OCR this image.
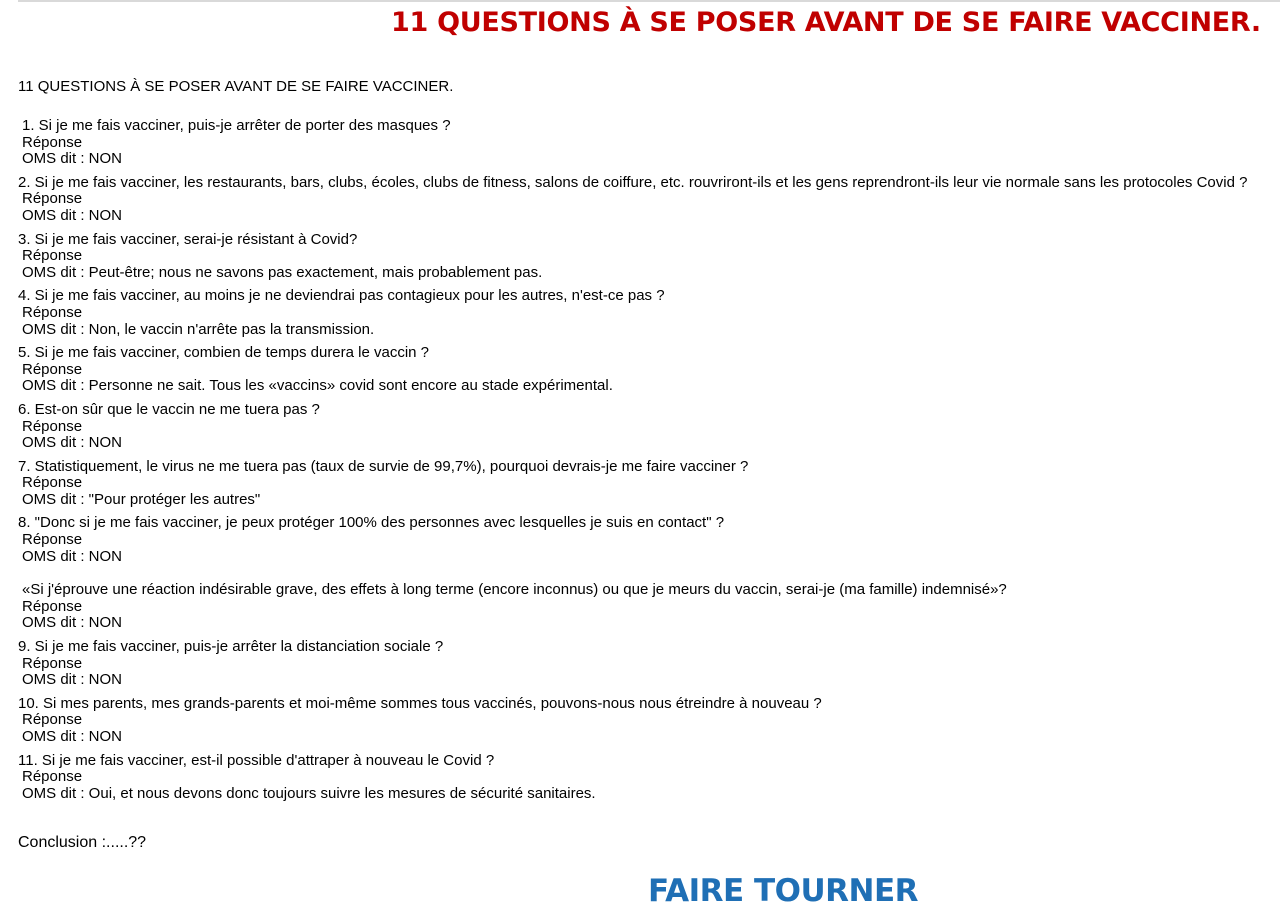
11 QUESTIONS À SE POSER AVANT DE SE FAIRE VACCINER.
11 QUESTIONS À SE POSER AVANT DE SE FAIRE VACCINER.
1. Si je me fais vacciner, puis-je arrêter de porter des masques ?
Réponse
OMS dit : NON
2. Si je me fais vacciner, les restaurants, bars, clubs, écoles, clubs de fitness, salons de coiffure, etc. rouvriront-ils et les gens reprendront-ils leur vie normale sans les protocoles Covid ?
Réponse
OMS dit : NON
3. Si je me fais vacciner, serai-je résistant à Covid?
Réponse
OMS dit : Peut-être; nous ne savons pas exactement, mais probablement pas.
4. Si je me fais vacciner, au moins je ne deviendrai pas contagieux pour les autres, n'est-ce pas ?
Réponse
OMS dit : Non, le vaccin n'arrête pas la transmission.
5. Si je me fais vacciner, combien de temps durera le vaccin ?
Réponse
OMS dit : Personne ne sait. Tous les «vaccins» covid sont encore au stade expérimental.
6. Est-on sûr que le vaccin ne me tuera pas ?
Réponse
OMS dit : NON
7. Statistiquement, le virus ne me tuera pas (taux de survie de 99,7%), pourquoi devrais-je me faire vacciner ?
Réponse
OMS dit : "Pour protéger les autres"
8. "Donc si je me fais vacciner, je peux protéger 100% des personnes avec lesquelles je suis en contact" ?
Réponse
OMS dit : NON
«Si j'éprouve une réaction indésirable grave, des effets à long terme (encore inconnus) ou que je meurs du vaccin, serai-je (ma famille) indemnisé»?
Réponse
OMS dit : NON
9. Si je me fais vacciner, puis-je arrêter la distanciation sociale ?
Réponse
OMS dit : NON
10. Si mes parents, mes grands-parents et moi-même sommes tous vaccinés, pouvons-nous nous étreindre à nouveau ?
Réponse
OMS dit : NON
11. Si je me fais vacciner, est-il possible d'attraper à nouveau le Covid ?
Réponse
OMS dit : Oui, et nous devons donc toujours suivre les mesures de sécurité sanitaires.
Conclusion :.....??
FAIRE TOURNER
